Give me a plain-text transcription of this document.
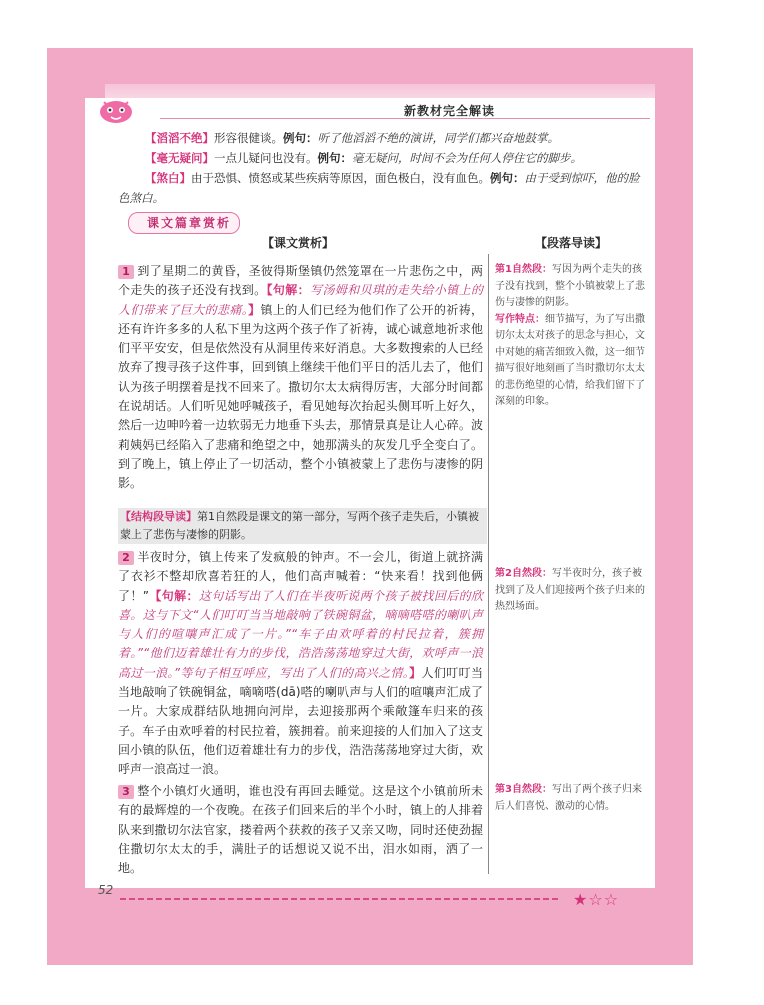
新教材完全解读
【滔滔不绝】形容很健谈。例句：听了他滔滔不绝的演讲，同学们都兴奋地鼓掌。
【毫无疑问】一点儿疑问也没有。例句：毫无疑问，时间不会为任何人停住它的脚步。
【煞白】由于恐惧、愤怒或某些疾病等原因，面色极白，没有血色。例句：由于受到惊吓，他的脸色煞白。
课文篇章赏析
【课文赏析】	【段落导读】
1 到了星期二的黄昏，圣彼得斯堡镇仍然笼罩在一片悲伤之中，两个走失的孩子还没有找到。【句解：写汤姆和贝琪的走失给小镇上的人们带来了巨大的悲痛。】镇上的人们已经为他们作了公开的祈祷，还有许许多多的人私下里为这两个孩子作了祈祷，诚心诚意地祈求他们平平安安，但是依然没有从洞里传来好消息。大多数搜索的人已经放弃了搜寻孩子这件事，回到镇上继续干他们平日的活儿去了，他们认为孩子明摆着是找不回来了。撒切尔太太病得厉害，大部分时间都在说胡话。人们听见她呼喊孩子，看见她每次抬起头侧耳听上好久，然后一边呻吟着一边软弱无力地垂下头去，那情景真是让人心碎。波莉姨妈已经陷入了悲痛和绝望之中，她那满头的灰发几乎全变白了。到了晚上，镇上停止了一切活动，整个小镇被蒙上了悲伤与凄惨的阴影。
【结构段导读】第1自然段是课文的第一部分，写两个孩子走失后，小镇被蒙上了悲伤与凄惨的阴影。
2 半夜时分，镇上传来了发疯般的钟声。不一会儿，街道上就挤满了衣衫不整却欣喜若狂的人，他们高声喊着：“快来看！找到他俩了！”【句解：这句话写出了人们在半夜听说两个孩子被找回后的欣喜。这与下文“人们叮叮当当地敲响了铁碗铜盆，嘀嘀嗒嗒的喇叭声与人们的喧嚷声汇成了一片。”“车子由欢呼着的村民拉着，簇拥着。”“他们迈着雄壮有力的步伐，浩浩荡荡地穿过大街，欢呼声一浪高过一浪。”等句子相互呼应，写出了人们的高兴之情。】人们叮叮当当地敲响了铁碗铜盆，嘀嘀嗒(dā)嗒的喇叭声与人们的喧嚷声汇成了一片。大家成群结队地拥向河岸，去迎接那两个乘敞篷车归来的孩子。车子由欢呼着的村民拉着，簇拥着。前来迎接的人们加入了这支回小镇的队伍，他们迈着雄壮有力的步伐，浩浩荡荡地穿过大街，欢呼声一浪高过一浪。
3 整个小镇灯火通明，谁也没有再回去睡觉。这是这个小镇前所未有的最辉煌的一个夜晚。在孩子们回来后的半个小时，镇上的人排着队来到撒切尔法官家，搂着两个获救的孩子又亲又吻，同时还使劲握住撒切尔太太的手，满肚子的话想说又说不出，泪水如雨，洒了一地。
第1自然段：写因为两个走失的孩子没有找到，整个小镇被蒙上了悲伤与凄惨的阴影。
写作特点：细节描写，为了写出撒切尔太太对孩子的思念与担心，文中对她的痛苦细致入微，这一细节描写很好地刻画了当时撒切尔太太的悲伤绝望的心情，给我们留下了深刻的印象。
第2自然段：写半夜时分，孩子被找到了及人们迎接两个孩子归来的热烈场面。
第3自然段：写出了两个孩子归来后人们喜悦、激动的心情。
52	★☆☆
